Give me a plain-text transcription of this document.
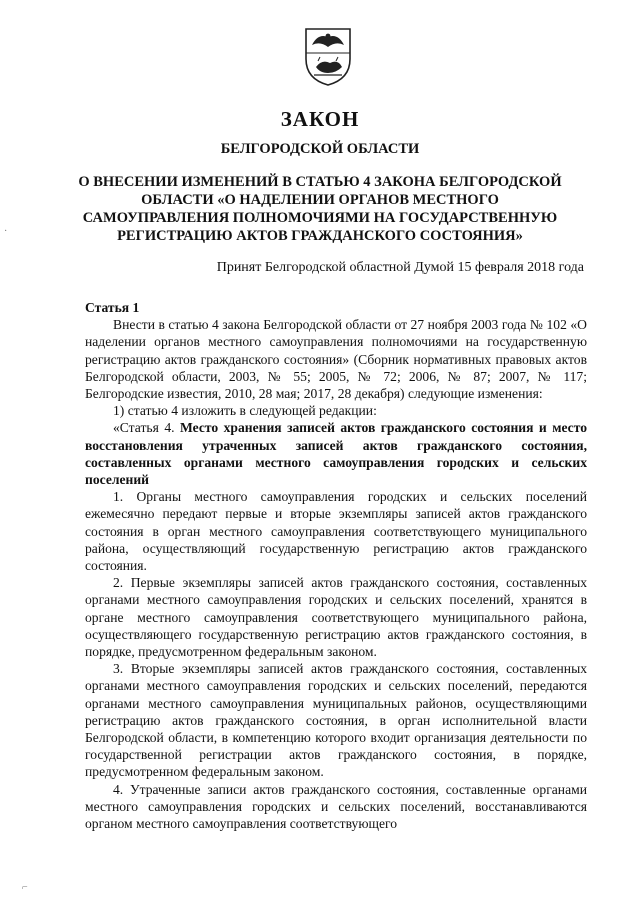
ЗАКОН
БЕЛГОРОДСКОЙ ОБЛАСТИ
О ВНЕСЕНИИ ИЗМЕНЕНИЙ В СТАТЬЮ 4 ЗАКОНА БЕЛГОРОДСКОЙ ОБЛАСТИ «О НАДЕЛЕНИИ ОРГАНОВ МЕСТНОГО САМОУПРАВЛЕНИЯ ПОЛНОМОЧИЯМИ НА ГОСУДАРСТВЕННУЮ РЕГИСТРАЦИЮ АКТОВ ГРАЖДАНСКОГО СОСТОЯНИЯ»
Принят Белгородской областной Думой 15 февраля 2018 года

Статья 1

Внести в статью 4 закона Белгородской области от 27 ноября 2003 года № 102 «О наделении органов местного самоуправления полномочиями на государственную регистрацию актов гражданского состояния» (Сборник нормативных правовых актов Белгородской области, 2003, № 55; 2005, № 72; 2006, № 87; 2007, № 117; Белгородские известия, 2010, 28 мая; 2017, 28 декабря) следующие изменения:

1) статью 4 изложить в следующей редакции:

«Статья 4. Место хранения записей актов гражданского состояния и место восстановления утраченных записей актов гражданского состояния, составленных органами местного самоуправления городских и сельских поселений

1. Органы местного самоуправления городских и сельских поселений ежемесячно передают первые и вторые экземпляры записей актов гражданского состояния в орган местного самоуправления соответствующего муниципального района, осуществляющий государственную регистрацию актов гражданского состояния.

2. Первые экземпляры записей актов гражданского состояния, составленных органами местного самоуправления городских и сельских поселений, хранятся в органе местного самоуправления соответствующего муниципального района, осуществляющего государственную регистрацию актов гражданского состояния, в порядке, предусмотренном федеральным законом.

3. Вторые экземпляры записей актов гражданского состояния, составленных органами местного самоуправления городских и сельских поселений, передаются органами местного самоуправления муниципальных районов, осуществляющими регистрацию актов гражданского состояния, в орган исполнительной власти Белгородской области, в компетенцию которого входит организация деятельности по государственной регистрации актов гражданского состояния, в порядке, предусмотренном федеральным законом.

4. Утраченные записи актов гражданского состояния, составленные органами местного самоуправления городских и сельских поселений, восстанавливаются органом местного самоуправления соответствующего

·
⌐
